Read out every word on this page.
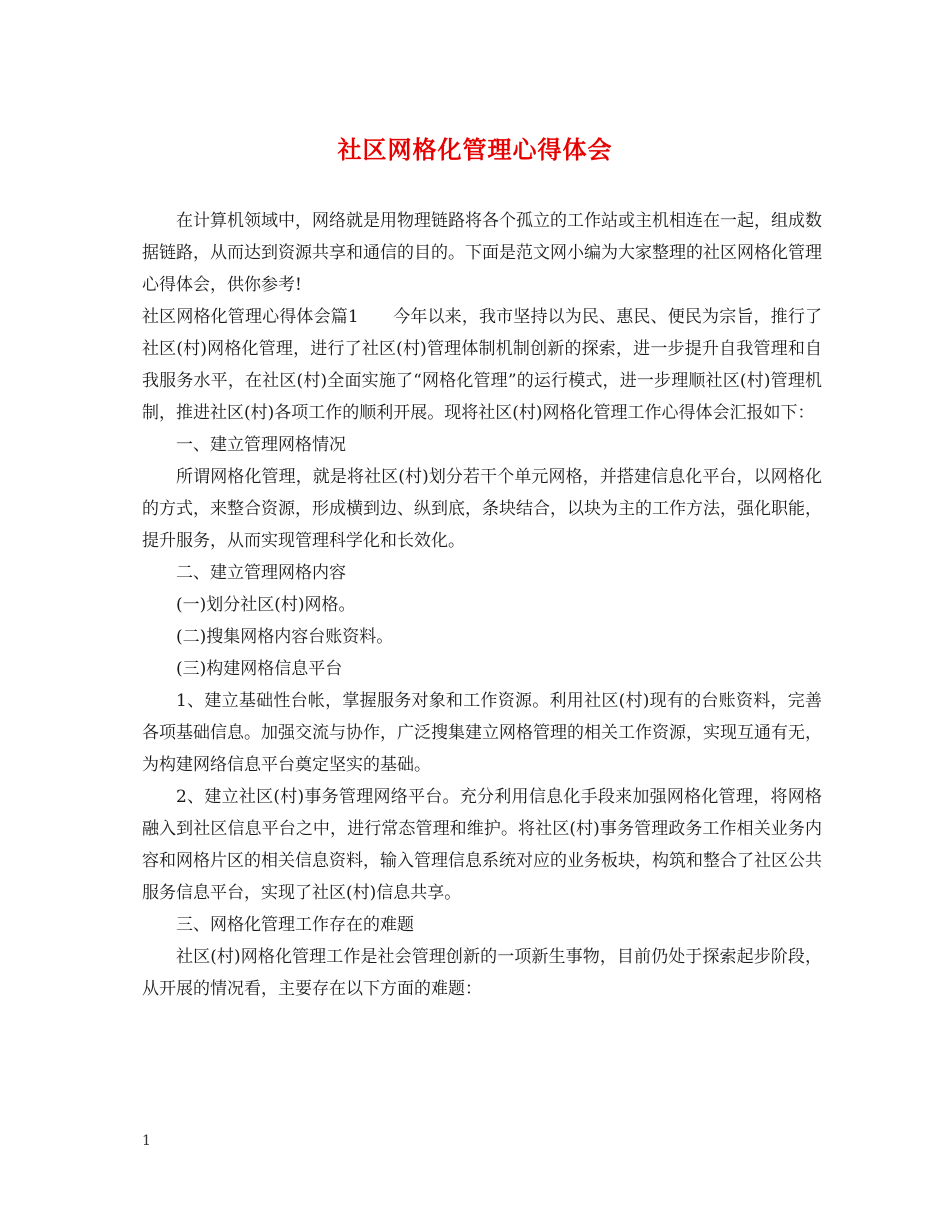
社区网格化管理心得体会

在计算机领域中，网络就是用物理链路将各个孤立的工作站或主机相连在一起，组成数据链路，从而达到资源共享和通信的目的。下面是范文网小编为大家整理的社区网格化管理心得体会，供你参考!

社区网格化管理心得体会篇1　　今年以来，我市坚持以为民、惠民、便民为宗旨，推行了社区(村)网格化管理，进行了社区(村)管理体制机制创新的探索，进一步提升自我管理和自我服务水平，在社区(村)全面实施了“网格化管理”的运行模式，进一步理顺社区(村)管理机制，推进社区(村)各项工作的顺利开展。现将社区(村)网格化管理工作心得体会汇报如下：

一、建立管理网格情况

所谓网格化管理，就是将社区(村)划分若干个单元网格，并搭建信息化平台，以网格化的方式，来整合资源，形成横到边、纵到底，条块结合，以块为主的工作方法，强化职能，提升服务，从而实现管理科学化和长效化。

二、建立管理网格内容

(一)划分社区(村)网格。

(二)搜集网格内容台账资料。

(三)构建网格信息平台

1、建立基础性台帐，掌握服务对象和工作资源。利用社区(村)现有的台账资料，完善各项基础信息。加强交流与协作，广泛搜集建立网格管理的相关工作资源，实现互通有无，为构建网络信息平台奠定坚实的基础。

2、建立社区(村)事务管理网络平台。充分利用信息化手段来加强网格化管理，将网格融入到社区信息平台之中，进行常态管理和维护。将社区(村)事务管理政务工作相关业务内容和网格片区的相关信息资料，输入管理信息系统对应的业务板块，构筑和整合了社区公共服务信息平台，实现了社区(村)信息共享。

三、网格化管理工作存在的难题

社区(村)网格化管理工作是社会管理创新的一项新生事物，目前仍处于探索起步阶段，从开展的情况看，主要存在以下方面的难题：

1
